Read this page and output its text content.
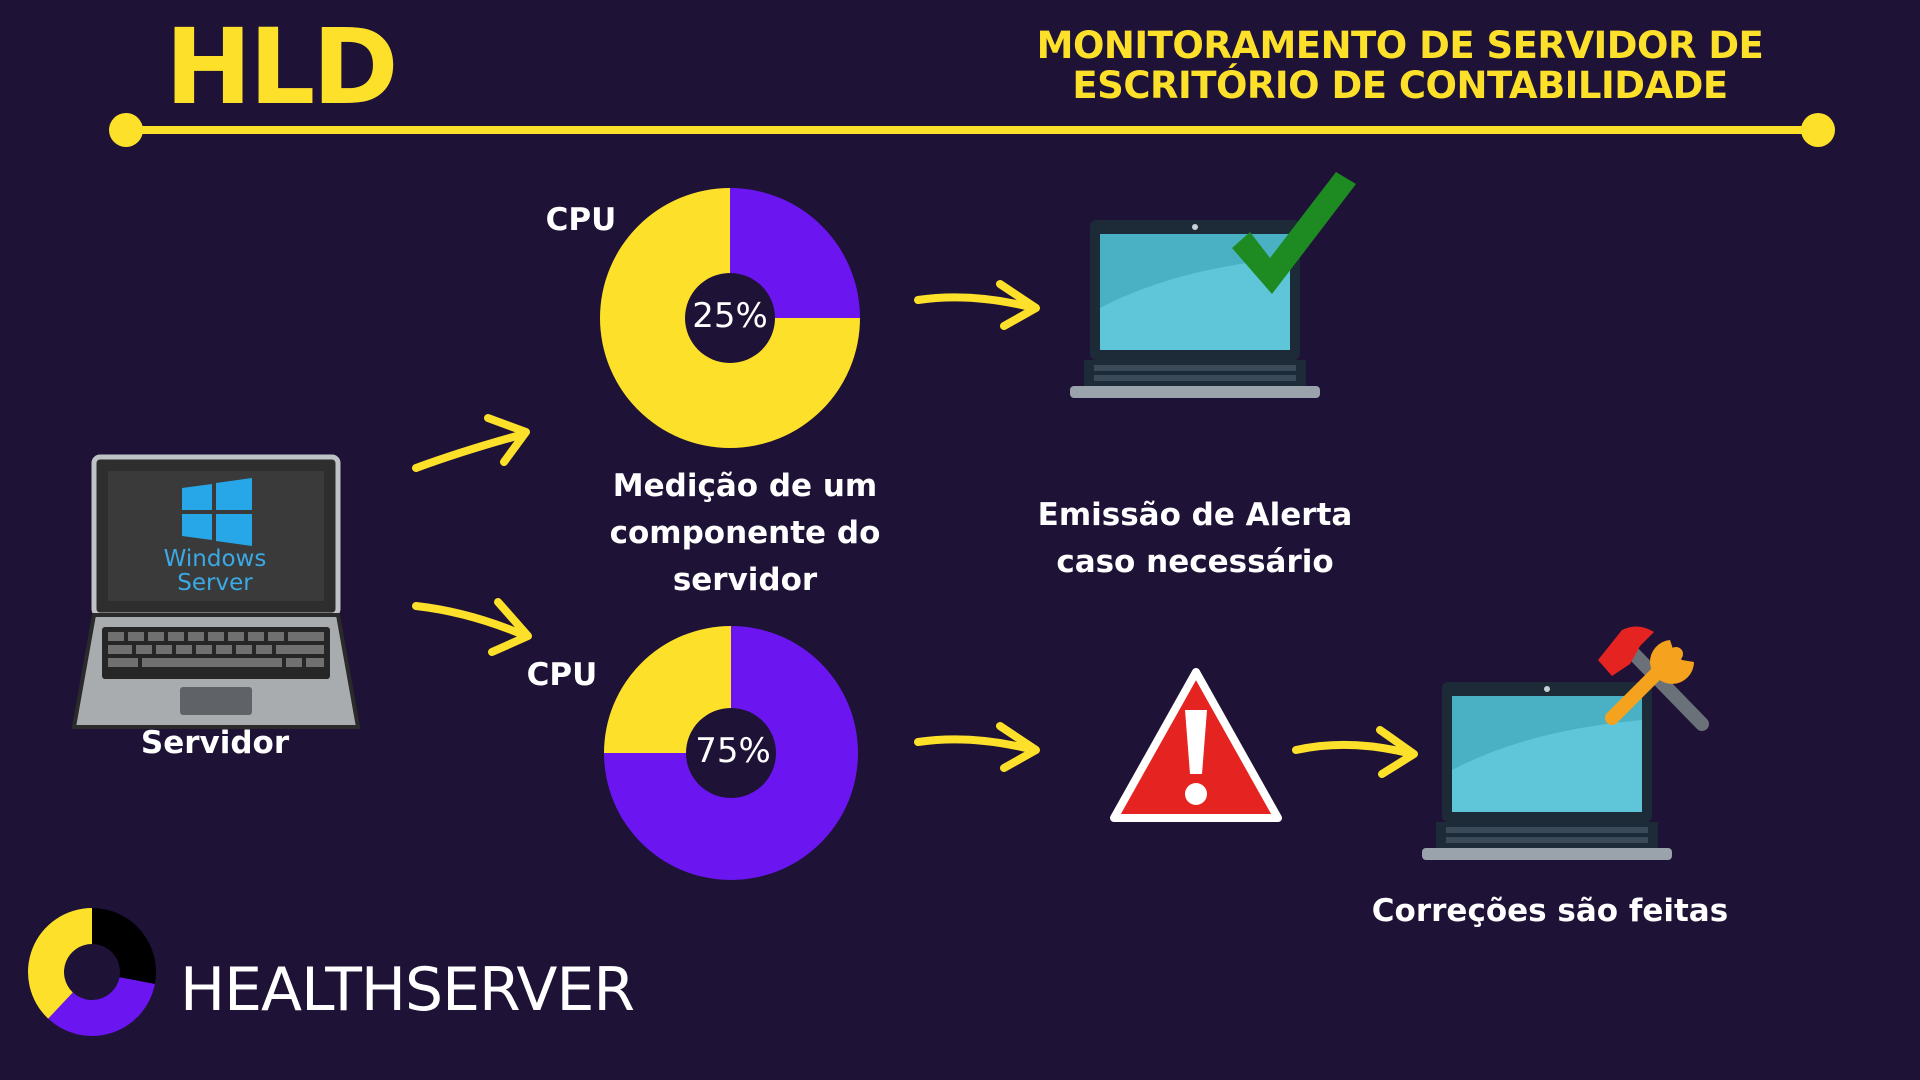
HLD	MONITORAMENTO DE SERVIDOR DE
ESCRITÓRIO DE CONTABILIDADE
Windows
Server
Servidor
CPU
25%
Medição de um
componente do
servidor
CPU
75%
Emissão de Alerta
caso necessário
Correções são feitas
HEALTHSERVER
